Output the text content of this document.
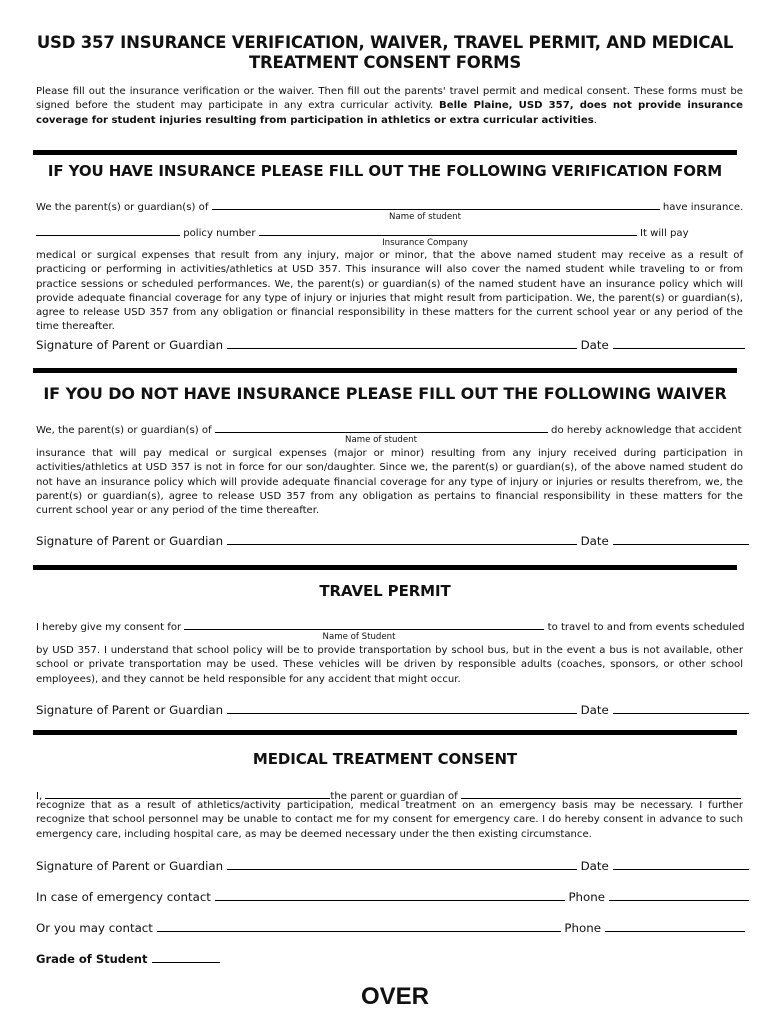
USD 357 INSURANCE VERIFICATION, WAIVER, TRAVEL PERMIT, AND MEDICAL
TREATMENT CONSENT FORMS
Please fill out the insurance verification or the waiver. Then fill out the parents' travel permit and medical consent. These forms must be signed before the student may participate in any extra curricular activity. Belle Plaine, USD 357, does not provide insurance coverage for student injuries resulting from participation in athletics or extra curricular activities.
IF YOU HAVE INSURANCE PLEASE FILL OUT THE FOLLOWING VERIFICATION FORM
We the parent(s) or guardian(s) of	have insurance.
Name of student
policy number	It will pay
Insurance Company
medical or surgical expenses that result from any injury, major or minor, that the above named student may receive as a result of practicing or performing in activities/athletics at USD 357. This insurance will also cover the named student while traveling to or from practice sessions or scheduled performances. We, the parent(s) or guardian(s) of the named student have an insurance policy which will provide adequate financial coverage for any type of injury or injuries that might result from participation. We, the parent(s) or guardian(s), agree to release USD 357 from any obligation or financial responsibility in these matters for the current school year or any period of the time thereafter.
Signature of Parent or Guardian	Date
IF YOU DO NOT HAVE INSURANCE PLEASE FILL OUT THE FOLLOWING WAIVER
We, the parent(s) or guardian(s) of	do hereby acknowledge that accident
Name of student
insurance that will pay medical or surgical expenses (major or minor) resulting from any injury received during participation in activities/athletics at USD 357 is not in force for our son/daughter. Since we, the parent(s) or guardian(s), of the above named student do not have an insurance policy which will provide adequate financial coverage for any type of injury or injuries or results therefrom, we, the parent(s) or guardian(s), agree to release USD 357 from any obligation as pertains to financial responsibility in these matters for the current school year or any period of the time thereafter.
Signature of Parent or Guardian	Date
TRAVEL PERMIT
I hereby give my consent for	to travel to and from events scheduled
Name of Student
by USD 357. I understand that school policy will be to provide transportation by school bus, but in the event a bus is not available, other school or private transportation may be used. These vehicles will be driven by responsible adults (coaches, sponsors, or other school employees), and they cannot be held responsible for any accident that might occur.
Signature of Parent or Guardian	Date
MEDICAL TREATMENT CONSENT
I,	the parent or guardian of
recognize that as a result of athletics/activity participation, medical treatment on an emergency basis may be necessary. I further recognize that school personnel may be unable to contact me for my consent for emergency care. I do hereby consent in advance to such emergency care, including hospital care, as may be deemed necessary under the then existing circumstance.
Signature of Parent or Guardian	Date
In case of emergency contact	Phone
Or you may contact	Phone
Grade of Student
OVER
